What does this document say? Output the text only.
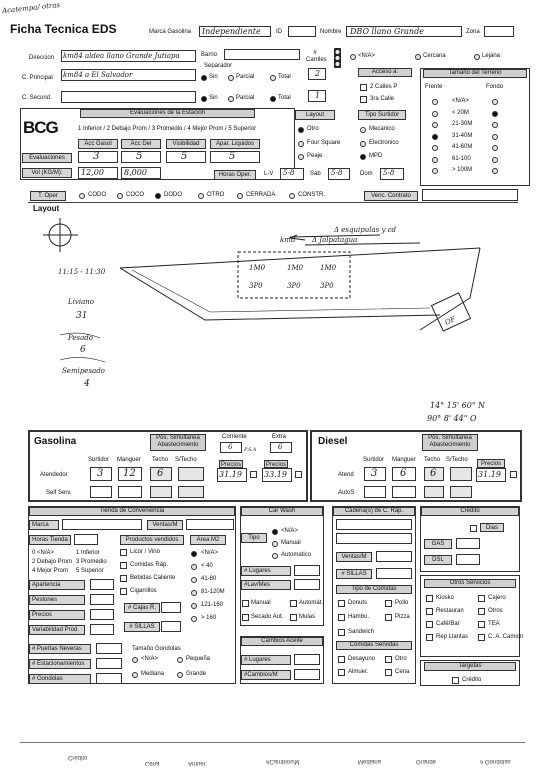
Acatempa/ otras
Ficha Tecnica EDS	Marca Gasolina Independiente	ID	Nombre DBO llano Grande	Zona
Direccion km84 aldea llano Grande Jutiapa	Barrio
Separador
# Carriles
<N/A>	Cercana	Lejana
C. Principal km84 a El Salvador	Sin	Parcial	Total	2	Acceso a:
2 Calles P
3ra Calle
C. Secund.	Sin	Parcial	Total	1
Tamaño del Terreno
Frente	Fondo
<N/A>
< 20M
21-30M
31-40M
41-60M
61-100
> 100M
Evaluaciones de la Estación
1 Inferior / 2 Debajo Prom / 3 Promedio / 4 Mejor Prom / 5 Superior
BCG
Acc Gasol	Acc Del	Visibilidad	Apar. Liquidos
Evaluaciones	3	5	5	5
Vol (KG/M):	12,00	8,000	Horas Oper.	L-V 5-8	Sab 5-8	Dom 5-8
Layout
Otro
Four Square
Peaje
Tipo Surtidor
Mecanico
Electronico
MPD
T. Oper	CODO	COCO	DODO	OTRO	CERRADA	CONSTR.	Venc. Contrato
Layout
Δ esquipulas y cd
km8 Δ Jalpatagua
1M0	1M0 1M0
3P0	3P0	3P0
11:15 - 11:30
Liviano
31
Pesado
6
Semipesado
4
OF
14° 15' 60" N
90° 8' 44" O
Gasolina	Pos. Simultanea Abastecimiento
Corriente	Extra
6 P.S.A	6
Surtidor Manguer Techo S/Techo
Precios	Precios
Atendedor	3 12 6	31.19	33.19
Self Serv.
Diesel	Pos. Simultanea Abastecimiento
Surtidor Manguer Techo S/Techo
Precios
Atend 3 6 6	31.19
AutoS
Tienda de Conveniencia
Marca	Ventas/M
Horas Tienda
0 <N/A>	1 Inferior
2 Debajo Prom 3 Promedio
4 Mejor Prom 5 Superior
Productos vendidos
Licor / Vino
Comidas Ráp.
Bebidas Caliente
Cigarrillos
Area M2
<N/A>
< 40
41-80
81-120M
121-160
> 160
Apariencia
Pestones
Precios
Variabilidad Prod.
# Cajas R.
# SILLAS
# Puertas Neveras
# Estacionamientos
# Gondolas
Tamaño Gondolas
<N/A>	Pequeña
Mediana	Grande
Car Wash
Tipo
<N/A>
Manual
Automatico
# Lugares
#Lav/Mes
Manual	Automát.
Secado Aut.	Mulas
Cambios Aceite
# Lugares
#Cambios/M
Cadena(s) de C. Ráp.
Ventas/M
# SILLAS
Tipo de Comidas
Donuts	Pollo
Hambu.	Pizza
Sandwich
Comidas Servidas
Desayuno	Otro
Almuer.	Cena
Crédito
Dias
GAS
DSL
Otros Servicios
Kiosko	Cajero
Restauran	Otros
Café/Bar	TEA
Rep Llantas	C. A. Camion
Targetas
Crédito
Crédito
Cena	Amuer.	#Cambios/M	Mediana	Grande	# Gondolas
